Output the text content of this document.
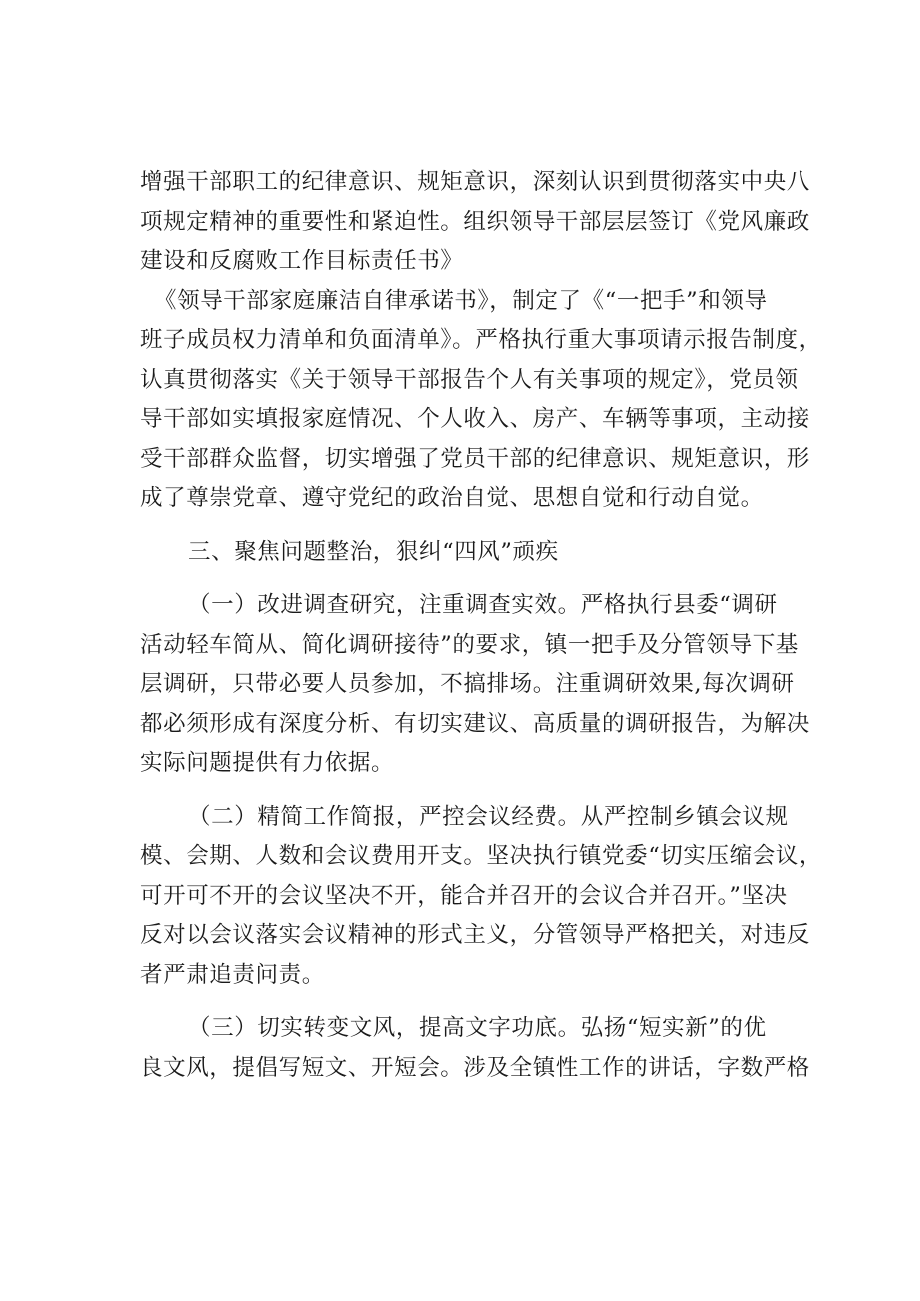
增强干部职工的纪律意识、规矩意识，深刻认识到贯彻落实中央八
项规定精神的重要性和紧迫性。组织领导干部层层签订《党风廉政
建设和反腐败工作目标责任书》
《领导干部家庭廉洁自律承诺书》，制定了《“一把手”和领导
班子成员权力清单和负面清单》。严格执行重大事项请示报告制度，
认真贯彻落实《关于领导干部报告个人有关事项的规定》，党员领
导干部如实填报家庭情况、个人收入、房产、车辆等事项，主动接
受干部群众监督，切实增强了党员干部的纪律意识、规矩意识，形
成了尊崇党章、遵守党纪的政治自觉、思想自觉和行动自觉。
三、聚焦问题整治，狠纠“四风”顽疾
（一）改进调查研究，注重调查实效。严格执行县委“调研
活动轻车简从、简化调研接待”的要求，镇一把手及分管领导下基
层调研，只带必要人员参加，不搞排场。注重调研效果,每次调研
都必须形成有深度分析、有切实建议、高质量的调研报告，为解决
实际问题提供有力依据。
（二）精简工作简报，严控会议经费。从严控制乡镇会议规
模、会期、人数和会议费用开支。坚决执行镇党委“切实压缩会议，
可开可不开的会议坚决不开，能合并召开的会议合并召开。”坚决
反对以会议落实会议精神的形式主义，分管领导严格把关，对违反
者严肃追责问责。
（三）切实转变文风，提高文字功底。弘扬“短实新”的优
良文风，提倡写短文、开短会。涉及全镇性工作的讲话，字数严格
